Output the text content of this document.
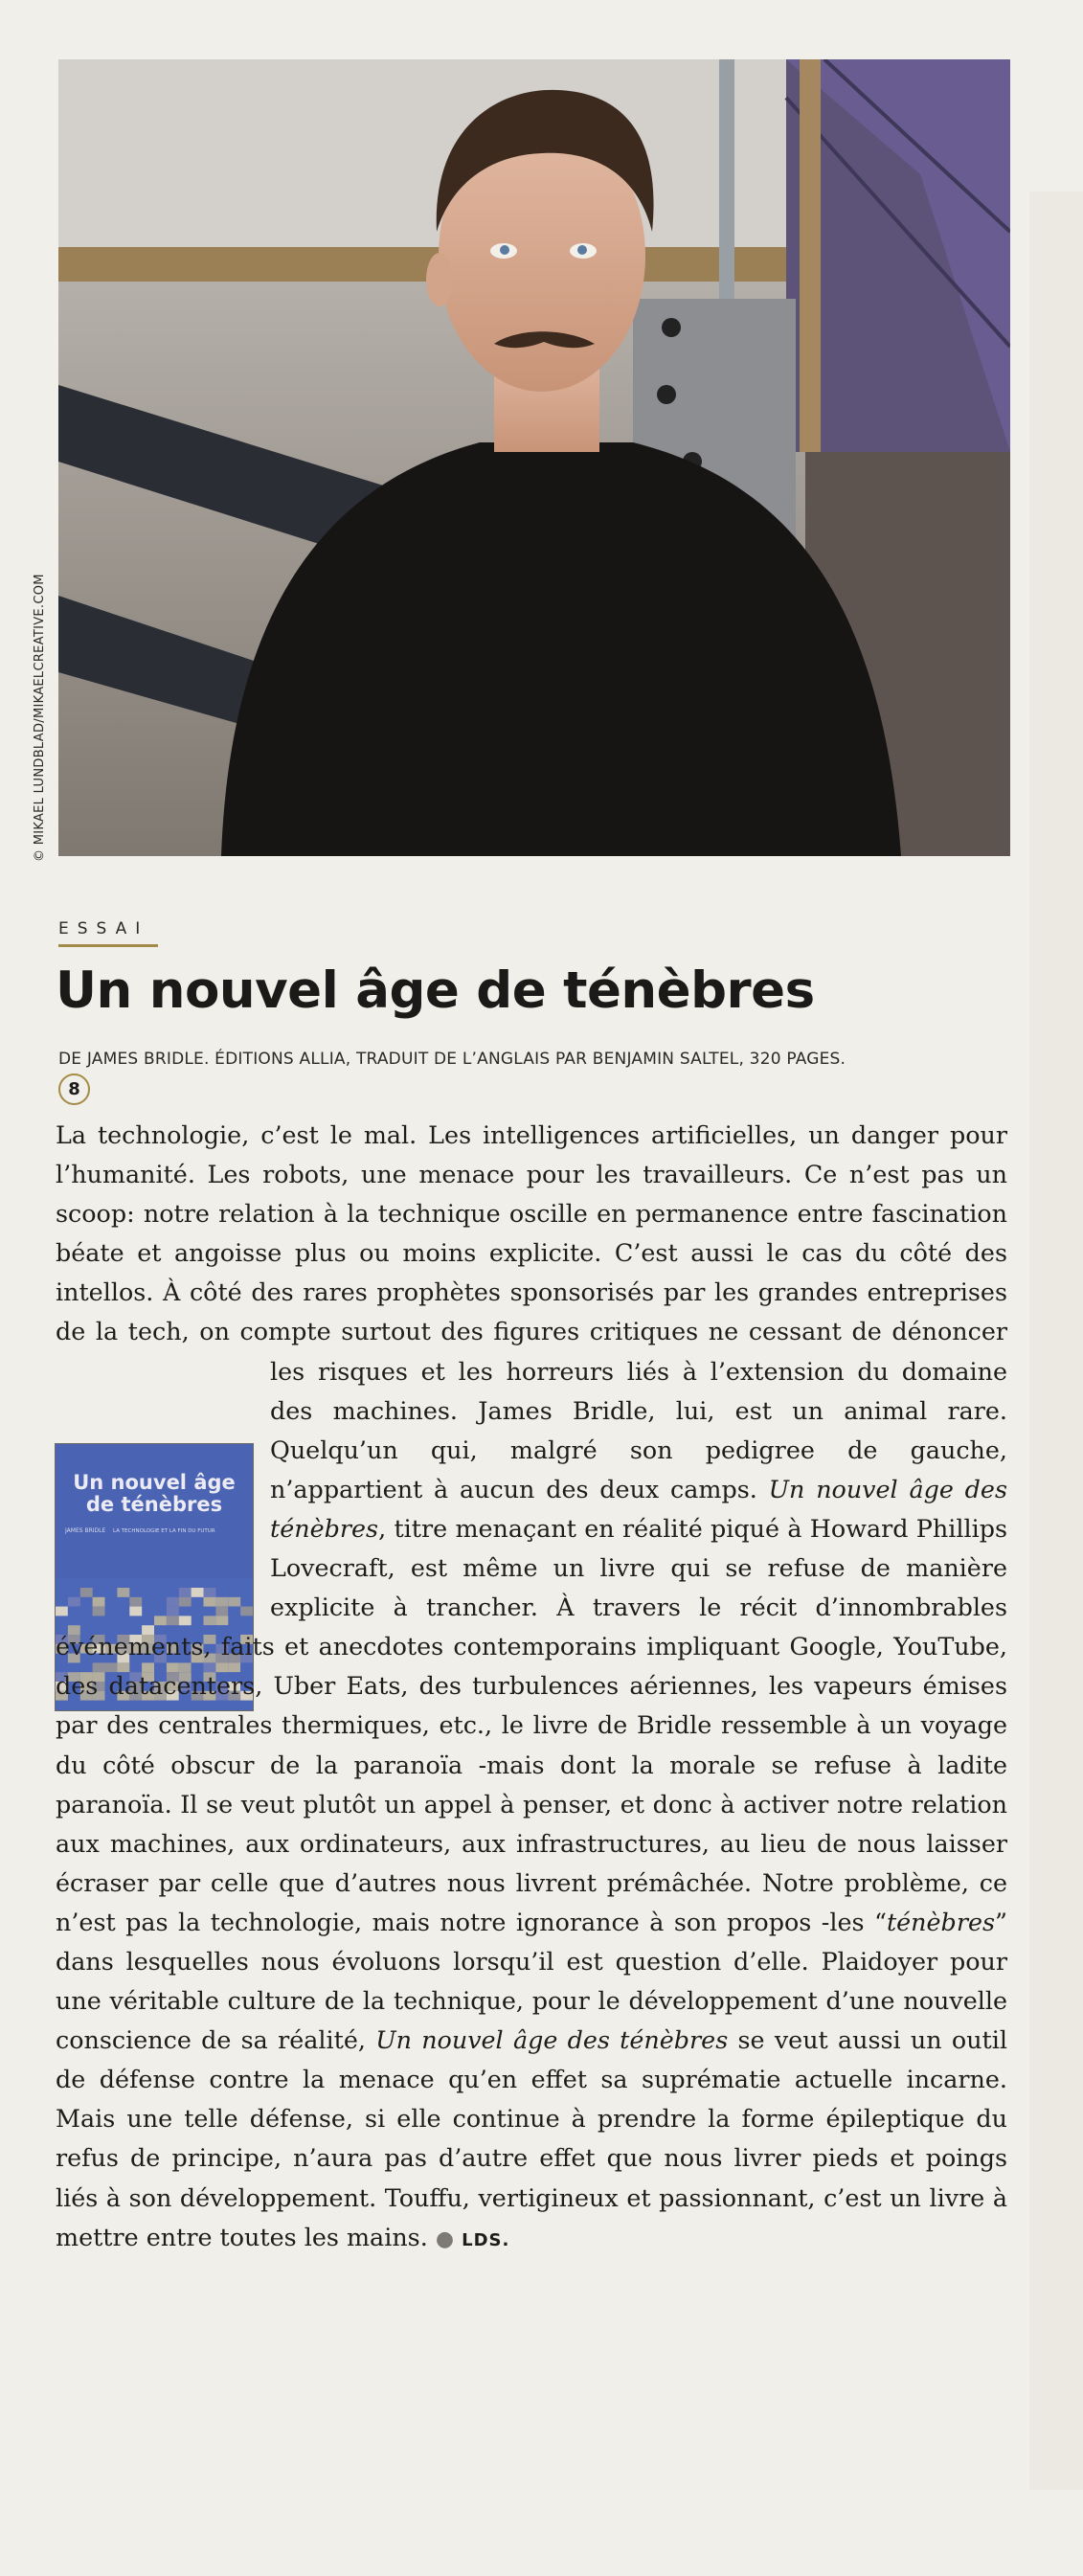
© MIKAEL LUNDBLAD/MIKAELCREATIVE.COM
ESSAI
Un nouvel âge de ténèbres
DE JAMES BRIDLE. ÉDITIONS ALLIA, TRADUIT DE L’ANGLAIS PAR BENJAMIN SALTEL, 320 PAGES.
8
Un nouvel âge
de ténèbres
JAMES BRIDLE LA TECHNOLOGIE ET LA FIN DU FUTUR

La technologie, c’est le mal. Les intelligences artificielles, un danger pour l’humanité. Les robots, une menace pour les travailleurs. Ce n’est pas un scoop: notre relation à la technique oscille en permanence entre fascination béate et angoisse plus ou moins explicite. C’est aussi le cas du côté des intellos. À côté des rares prophètes sponsorisés par les grandes entreprises de la tech, on compte surtout des figures critiques ne cessant de dénoncer les
risques et les horreurs liés à l’extension du domaine des machines. James Bridle, lui, est un animal rare. Quelqu’un qui, malgré son pedigree de gauche, n’appartient à aucun des deux camps. Un nouvel âge des ténèbres, titre menaçant en réalité piqué à Howard Phillips Lovecraft, est même un livre qui se refuse de manière explicite à trancher. À travers le récit d’innombrables événements, faits et anecdotes contemporains impliquant Google, YouTube, des datacenters, Uber Eats, des turbulences aériennes, les vapeurs émises par des centrales thermiques, etc., le livre de Bridle ressemble à un voyage du côté obscur de la paranoïa -mais dont la morale se refuse à ladite paranoïa. Il se veut plutôt un appel à penser, et donc à activer notre relation aux machines, aux ordinateurs, aux infrastructures, au lieu de nous laisser écraser par celle que d’autres nous livrent prémâchée. Notre problème, ce n’est pas la technologie, mais notre ignorance à son propos -les “ténèbres” dans lesquelles nous évoluons lorsqu’il est question d’elle. Plaidoyer pour une véritable culture de la technique, pour le développement d’une nouvelle conscience de sa réalité, Un nouvel âge des ténèbres se veut aussi un outil de défense contre la menace qu’en effet sa suprématie actuelle incarne. Mais une telle défense, si elle continue à prendre la forme épileptique du refus de principe, n’aura pas d’autre effet que nous livrer pieds et poings liés à son développement. Touffu, vertigineux et passionnant, c’est un livre à mettre entre toutes les mains. ● LDS.
